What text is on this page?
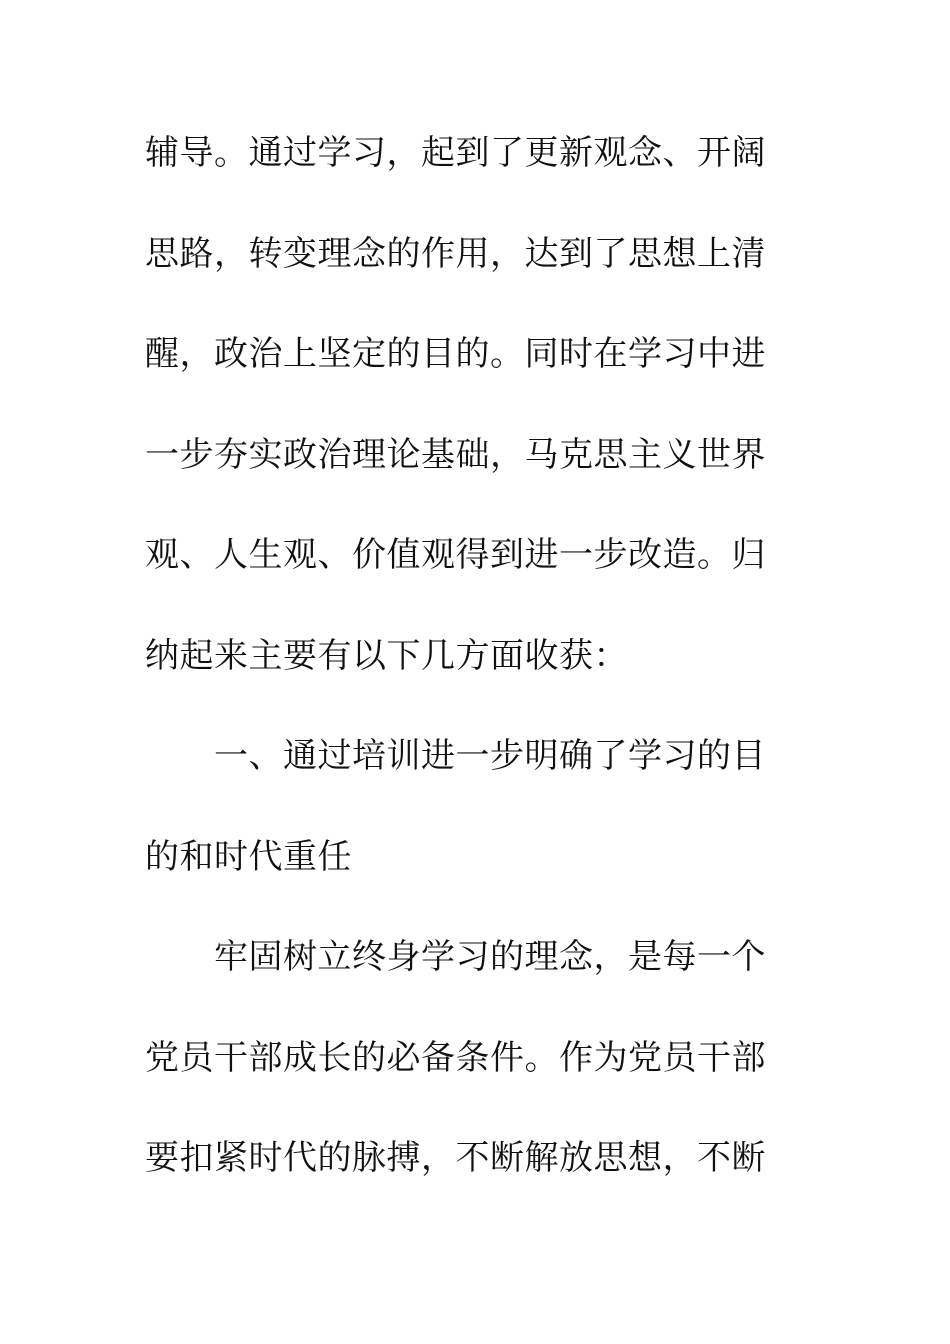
辅导。通过学习，起到了更新观念、开阔
思路，转变理念的作用，达到了思想上清
醒，政治上坚定的目的。同时在学习中进
一步夯实政治理论基础，马克思主义世界
观、人生观、价值观得到进一步改造。归
纳起来主要有以下几方面收获：
一、通过培训进一步明确了学习的目
的和时代重任
牢固树立终身学习的理念，是每一个
党员干部成长的必备条件。作为党员干部
要扣紧时代的脉搏，不断解放思想，不断
